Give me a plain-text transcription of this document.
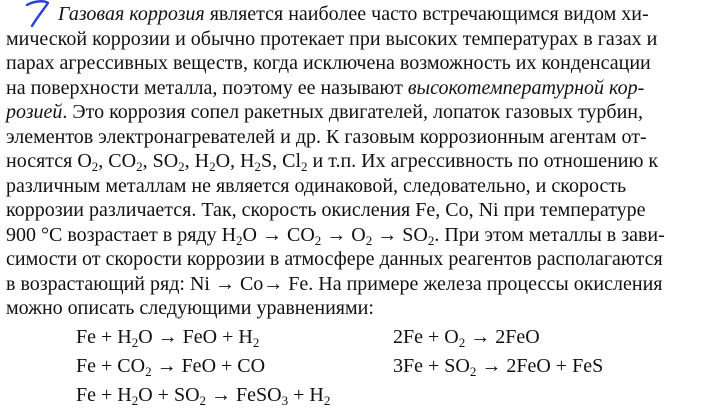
Газовая коррозия является наиболее часто встречающимся видом хи-
мической коррозии и обычно протекает при высоких температурах в газах и
парах агрессивных веществ, когда исключена возможность их конденсации
на поверхности металла, поэтому ее называют высокотемпературной кор-
розией. Это коррозия сопел ракетных двигателей, лопаток газовых турбин,
элементов электронагревателей и др. К газовым коррозионным агентам от-
носятся $O_2$, $CO_2$, $SO_2$, $H_2O$, $H_2S$, $Cl_2$ и т.п. Их агрессивность по отношению к
различным металлам не является одинаковой, следовательно, и скорость
коррозии различается. Так, скорость окисления Fe, Co, Ni при температуре
900 °C возрастает в ряду $H_2O \to CO_2 \to O_2 \to SO_2$. При этом металлы в зави-
симости от скорости коррозии в атмосфере данных реагентов располагаются
в возрастающий ряд: Ni → Co→ Fe. На примере железа процессы окисления
можно описать следующими уравнениями:
$Fe + H_2O$ → FeO + $H_2$	$2Fe + O_2 \to 2FeO$
$Fe + CO_2$ → FeO + CO	$3Fe + SO_2 \to 2FeO$ + FeS
$Fe + H_2O + SO_2$ → FeSO$_3$ + $H_2$
